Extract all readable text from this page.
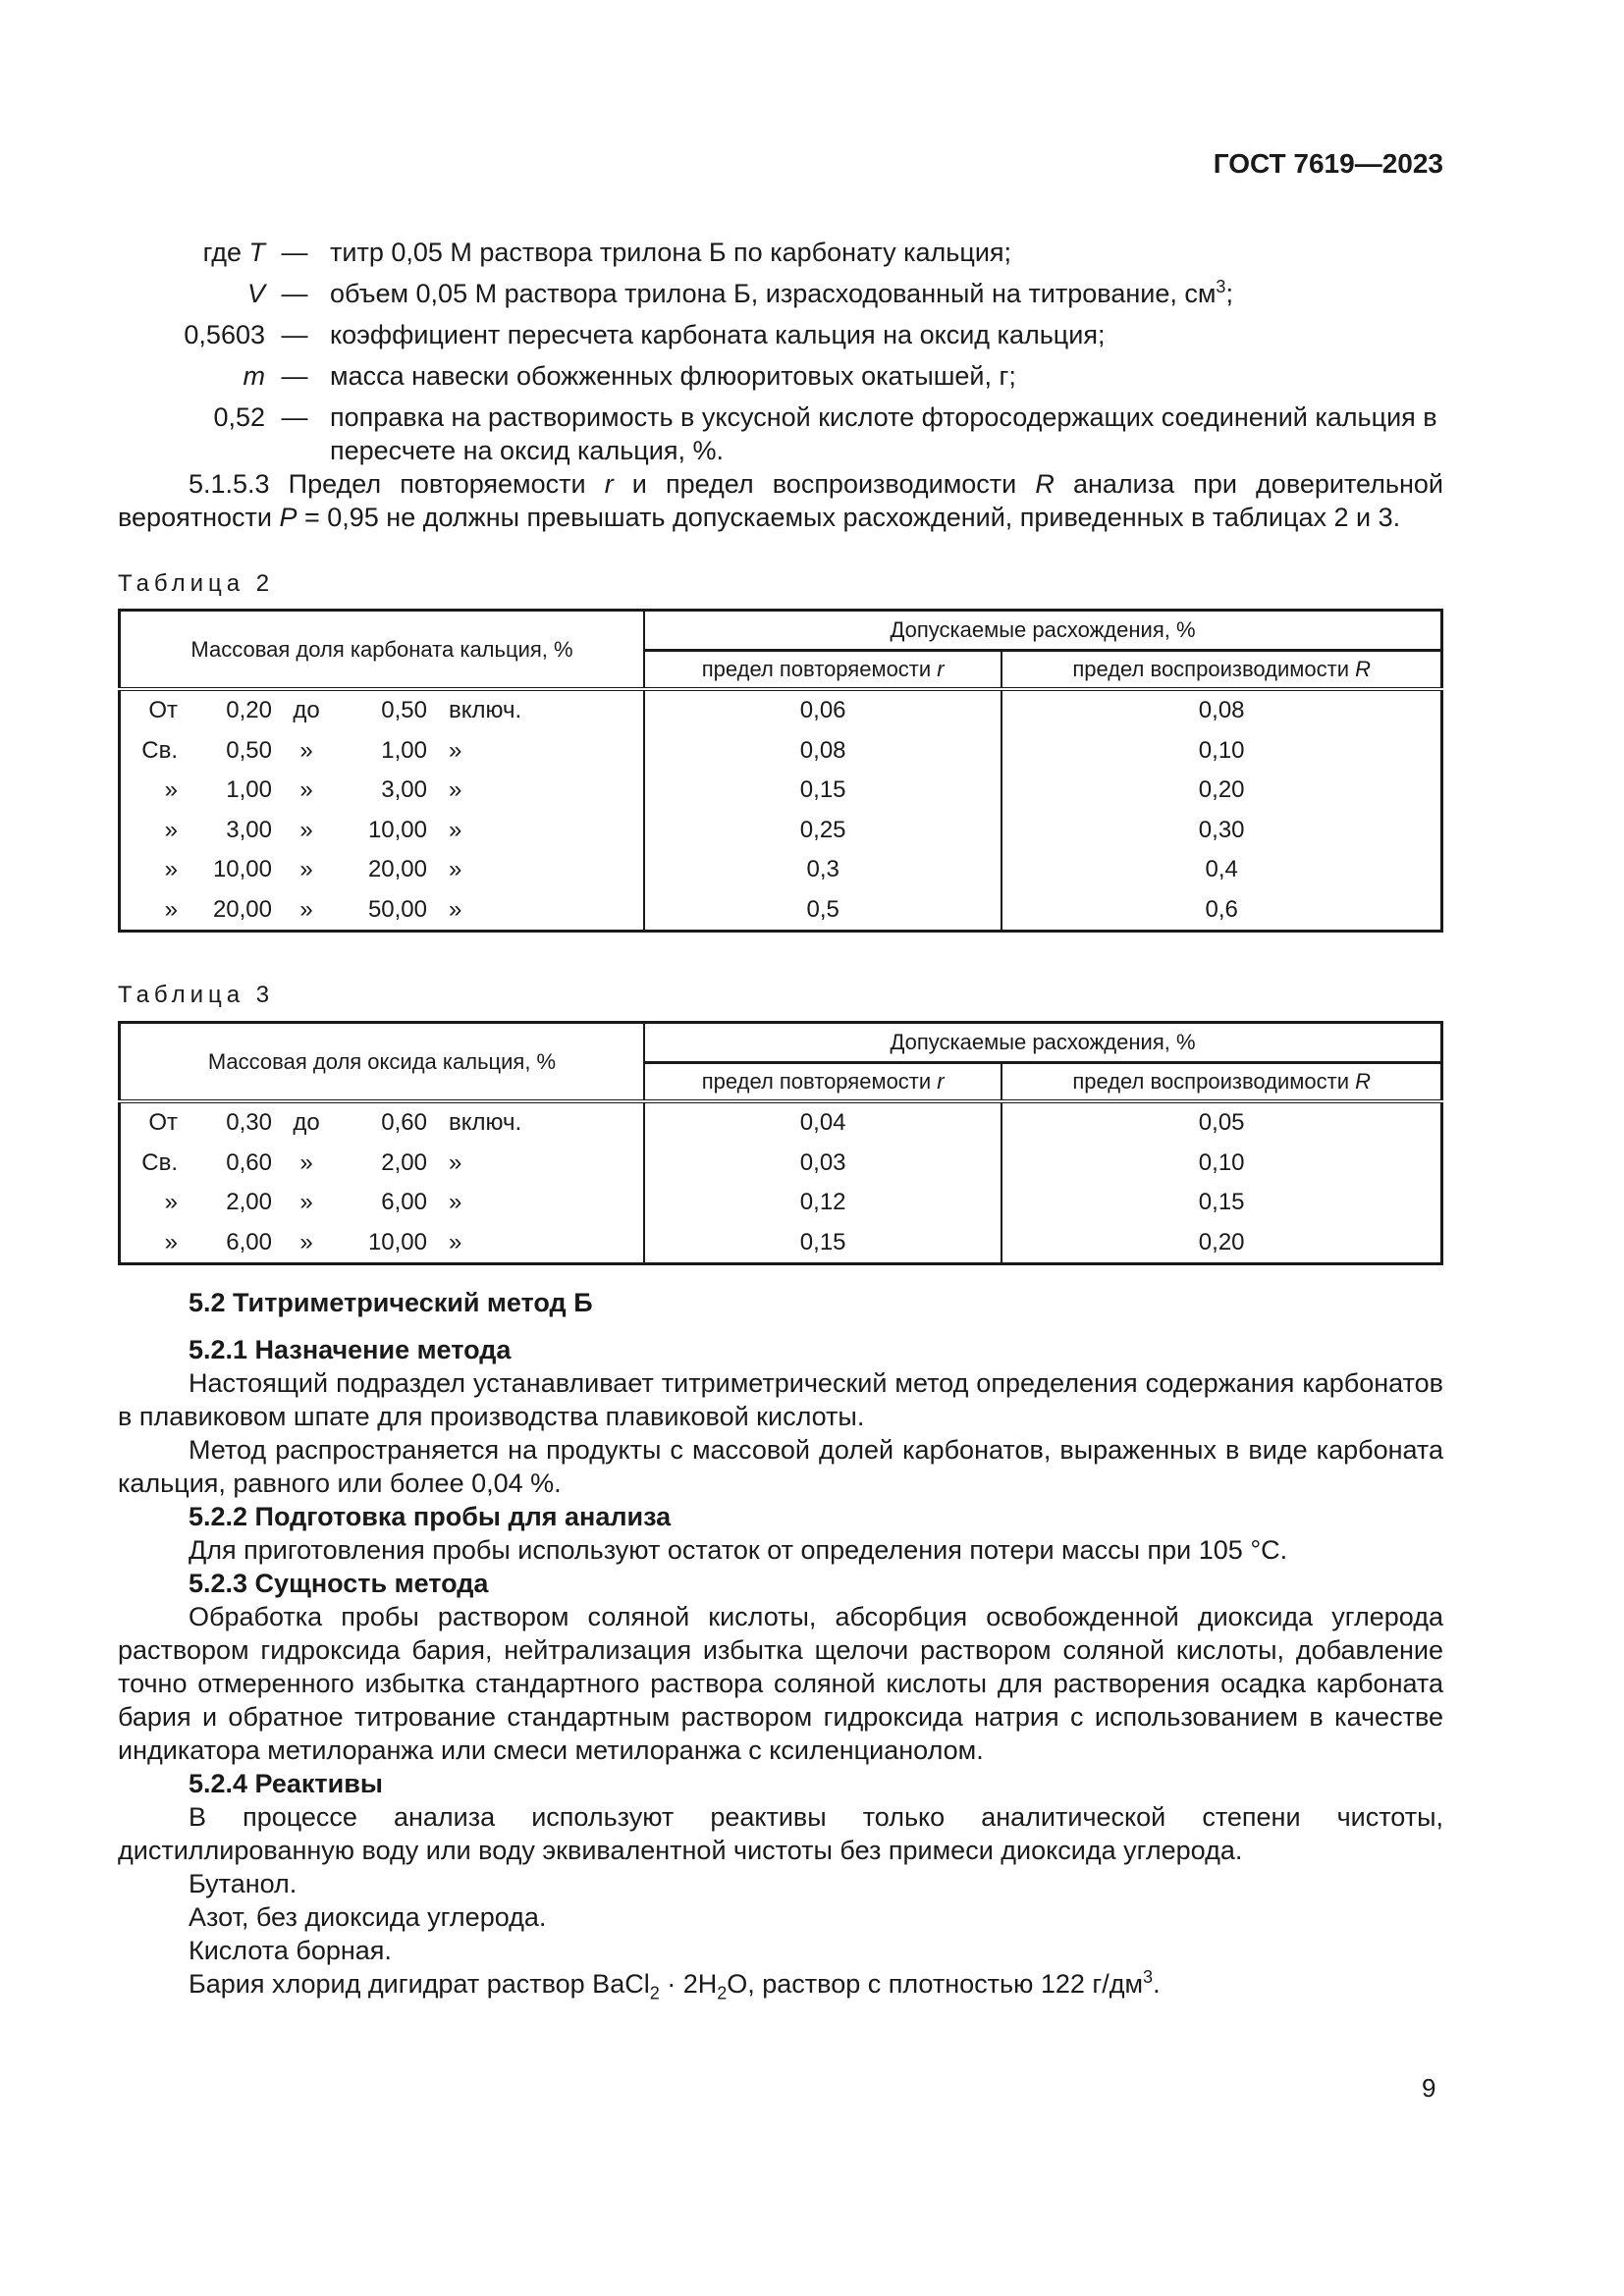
ГОСТ 7619—2023
где T — титр 0,05 М раствора трилона Б по карбонату кальция;
V — объем 0,05 М раствора трилона Б, израсходованный на титрование, $см^3$;
0,5603 — коэффициент пересчета карбоната кальция на оксид кальция;
m — масса навески обожженных флюоритовых окатышей, г;
0,52 — поправка на растворимость в уксусной кислоте фторосодержащих соединений кальция в пересчете на оксид кальция, %.

5.1.5.3 Предел повторяемости r и предел воспроизводимости R анализа при доверительной вероятности P = 0,95 не должны превышать допускаемых расхождений, приведенных в таблицах 2 и 3.

Таблица 2
Массовая доля карбоната кальция, %	Допускаемые расхождения, %	
	предел повторяемости r	предел воспроизводимости R

От 0,20 до 0,50 включ.	0,06	0,08

Св. 0,50 » 1,00 »	0,08	0,10

» 1,00 » 3,00 »	0,15	0,20

» 3,00 » 10,00 »	0,25	0,30

» 10,00 » 20,00 »	0,3	0,4

» 20,00 » 50,00 »	0,5	0,6
Таблица 3
Массовая доля оксида кальция, %	Допускаемые расхождения, %	
	предел повторяемости r	предел воспроизводимости R

От 0,30 до 0,60 включ.	0,04	0,05

Св. 0,60 » 2,00 »	0,03	0,10

» 2,00 » 6,00 »	0,12	0,15

» 6,00 » 10,00 »	0,15	0,20

5.2 Титриметрический метод Б

5.2.1 Назначение метода

Настоящий подраздел устанавливает титриметрический метод определения содержания карбонатов в плавиковом шпате для производства плавиковой кислоты.

Метод распространяется на продукты с массовой долей карбонатов, выраженных в виде карбоната кальция, равного или более 0,04 %.

5.2.2 Подготовка пробы для анализа

Для приготовления пробы используют остаток от определения потери массы при 105 °С.

5.2.3 Сущность метода

Обработка пробы раствором соляной кислоты, абсорбция освобожденной диоксида углерода раствором гидроксида бария, нейтрализация избытка щелочи раствором соляной кислоты, добавление точно отмеренного избытка стандартного раствора соляной кислоты для растворения осадка карбоната бария и обратное титрование стандартным раствором гидроксида натрия с использованием в качестве индикатора метилоранжа или смеси метилоранжа с ксиленцианолом.

5.2.4 Реактивы

В процессе анализа используют реактивы только аналитической степени чистоты, дистиллированную воду или воду эквивалентной чистоты без примеси диоксида углерода.

Бутанол.

Азот, без диоксида углерода.

Кислота борная.

Бария хлорид дигидрат раствор BaCl$_2$ · $2H_2O$, раствор с плотностью 122 $г/дм^3$.

9
